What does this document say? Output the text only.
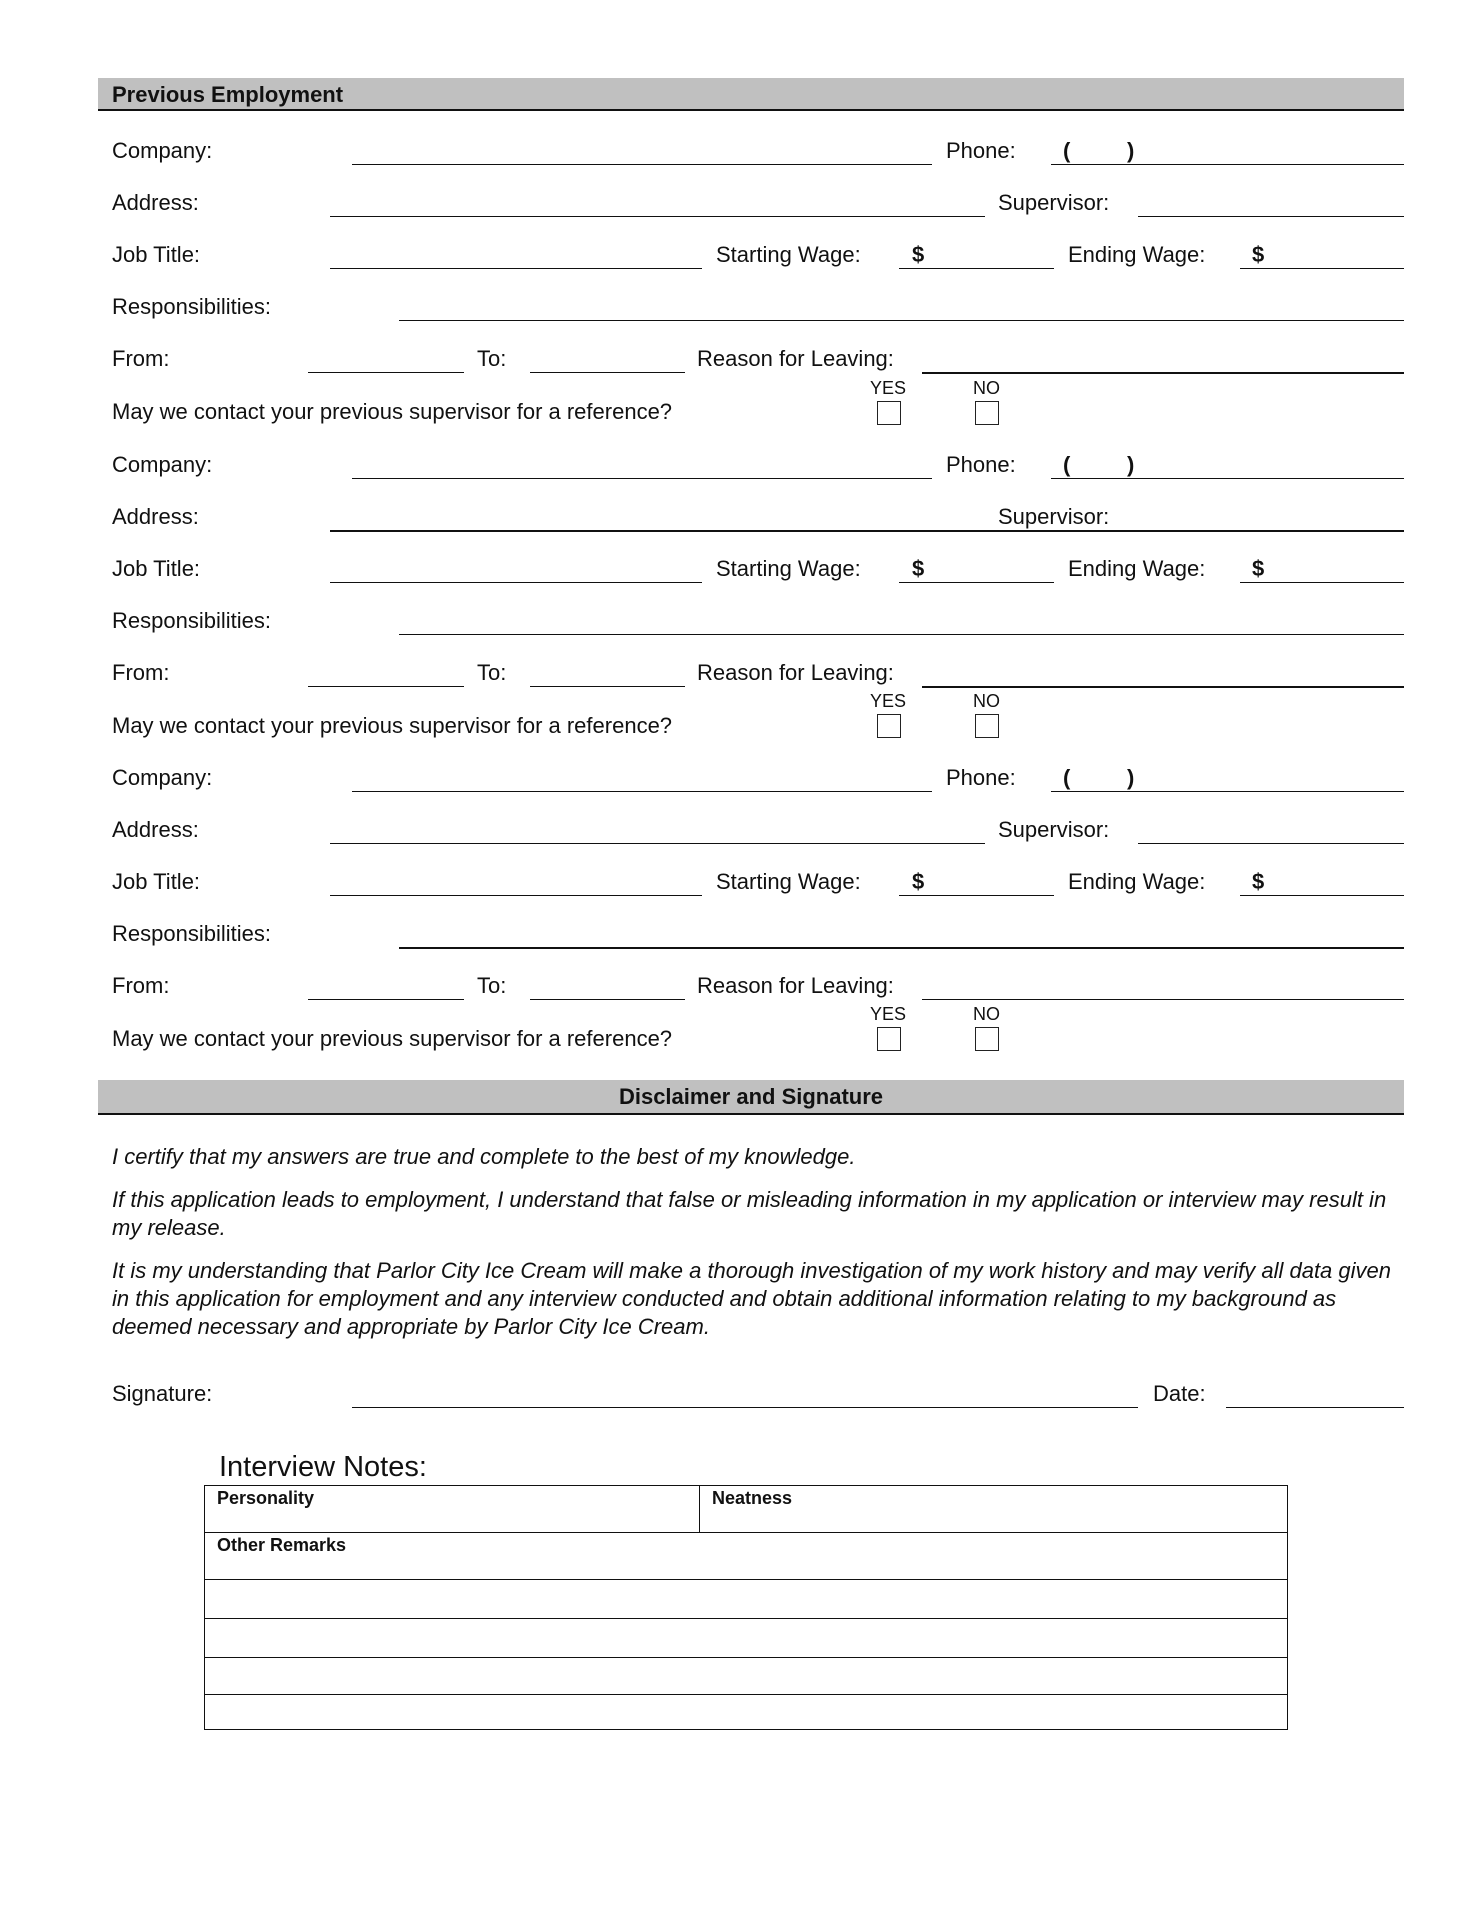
Previous Employment
Company:	Phone: (	)
Address:	Supervisor:
Job Title:	Starting Wage: $	Ending Wage: $
Responsibilities:
From:	To:	Reason for Leaving:
YES	NO
May we contact your previous supervisor for a reference?
Company:	Phone: (	)
Address:	Supervisor:
Job Title:	Starting Wage: $	Ending Wage: $
Responsibilities:
From:	To:	Reason for Leaving:
YES	NO
May we contact your previous supervisor for a reference?
Company:	Phone: (	)
Address:	Supervisor:
Job Title:	Starting Wage: $	Ending Wage: $
Responsibilities:
From:	To:	Reason for Leaving:
YES	NO
May we contact your previous supervisor for a reference?
Disclaimer and Signature

I certify that my answers are true and complete to the best of my knowledge.

If this application leads to employment, I understand that false or misleading information in my application or interview may result in my release.

It is my understanding that Parlor City Ice Cream will make a thorough investigation of my work history and may verify all data given in this application for employment and any interview conducted and obtain additional information relating to my background as deemed necessary and appropriate by Parlor City Ice Cream.

Signature:	Date:
Interview Notes:
Personality	Neatness
Other Remarks
